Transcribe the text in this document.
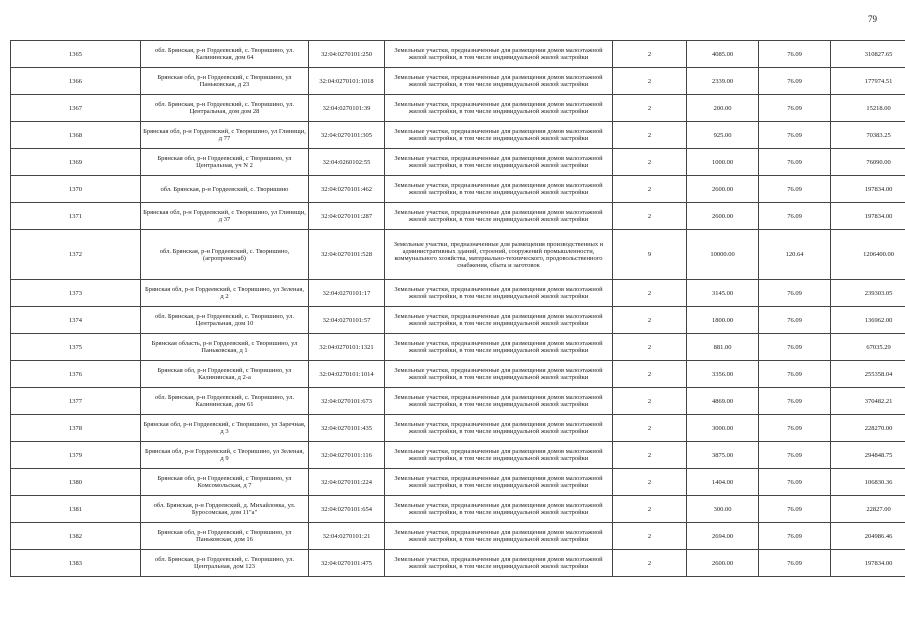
79
1365	обл. Брянская, р-н Гордеевский, с. Творишино, ул. Калининская, дом 64	32:04:0270101:250	Земельные участки, предназначенные для размещения домов малоэтажной жилой застройки, в том числе индивидуальной жилой застройки	2	4085.00	76.09	310827.65
1366	Брянская обл, р-н Гордеевский, с Творишино, ул Паньковская, д 23	32:04:0270101:1018	Земельные участки, предназначенные для размещения домов малоэтажной жилой застройки, в том числе индивидуальной жилой застройки	2	2339.00	76.09	177974.51
1367	обл. Брянская, р-н Гордеевский, с. Творишино, ул. Центральная, дом дом 28	32:04:0270101:39	Земельные участки, предназначенные для размещения домов малоэтажной жилой застройки, в том числе индивидуальной жилой застройки	2	200.00	76.09	15218.00
1368	Брянская обл, р-н Гордеевский, с Творишино, ул Глинищи, д 77	32:04:0270101:305	Земельные участки, предназначенные для размещения домов малоэтажной жилой застройки, в том числе индивидуальной жилой застройки	2	925.00	76.09	70383.25
1369	Брянская обл, р-н Гордеевский, с Творишино, ул Центральная, уч N 2	32:04:0260102:55	Земельные участки, предназначенные для размещения домов малоэтажной жилой застройки, в том числе индивидуальной жилой застройки	2	1000.00	76.09	76090.00
1370	обл. Брянская, р-н Гордеевский, с. Творишино	32:04:0270101:462	Земельные участки, предназначенные для размещения домов малоэтажной жилой застройки, в том числе индивидуальной жилой застройки	2	2600.00	76.09	197834.00
1371	Брянская обл, р-н Гордеевский, с Творишино, ул Глинищи, д 37	32:04:0270101:287	Земельные участки, предназначенные для размещения домов малоэтажной жилой застройки, в том числе индивидуальной жилой застройки	2	2600.00	76.09	197834.00
1372	обл. Брянская, р-н Гордеевский, с. Творишино, (агропромснаб)	32:04:0270101:528	Земельные участки, предназначенные для размещения производственных и административных зданий, строений, сооружений промышленности, коммунального хозяйства, материально-технического, продовольственного снабжения, сбыта и заготовок	9	10000.00	120.64	1206400.00
1373	Брянская обл, р-н Гордеевский, с Творишино, ул Зеленая, д 2	32:04:0270101:17	Земельные участки, предназначенные для размещения домов малоэтажной жилой застройки, в том числе индивидуальной жилой застройки	2	3145.00	76.09	239303.05
1374	обл. Брянская, р-н Гордеевский, с. Творишино, ул. Центральная, дом 10	32:04:0270101:57	Земельные участки, предназначенные для размещения домов малоэтажной жилой застройки, в том числе индивидуальной жилой застройки	2	1800.00	76.09	136962.00
1375	Брянская область, р-н Гордеевский, с Творишино, ул Паньковская, д 1	32:04:0270101:1321	Земельные участки, предназначенные для размещения домов малоэтажной жилой застройки, в том числе индивидуальной жилой застройки	2	881.00	76.09	67035.29
1376	Брянская обл, р-н Гордеевский, с Творишино, ул Калининская, д 2-а	32:04:0270101:1014	Земельные участки, предназначенные для размещения домов малоэтажной жилой застройки, в том числе индивидуальной жилой застройки	2	3356.00	76.09	255358.04
1377	обл. Брянская, р-н Гордеевский, с. Творишино, ул. Калининская, дом 61	32:04:0270101:673	Земельные участки, предназначенные для размещения домов малоэтажной жилой застройки, в том числе индивидуальной жилой застройки	2	4869.00	76.09	370482.21
1378	Брянская обл, р-н Гордеевский, с Творишино, ул Заречная, д 3	32:04:0270101:435	Земельные участки, предназначенные для размещения домов малоэтажной жилой застройки, в том числе индивидуальной жилой застройки	2	3000.00	76.09	228270.00
1379	Брянская обл, р-н Гордеевский, с Творишино, ул Зеленая, д 9	32:04:0270101:116	Земельные участки, предназначенные для размещения домов малоэтажной жилой застройки, в том числе индивидуальной жилой застройки	2	3875.00	76.09	294848.75
1380	Брянская обл, р-н Гордеевский, с Творишино, ул Комсомольская, д 7	32:04:0270101:224	Земельные участки, предназначенные для размещения домов малоэтажной жилой застройки, в том числе индивидуальной жилой застройки	2	1404.00	76.09	106830.36
1381	обл. Брянская, р-н Гордеевский, д. Михайловка, ул. Буросомская, дом 11"а"	32:04:0270101:654	Земельные участки, предназначенные для размещения домов малоэтажной жилой застройки, в том числе индивидуальной жилой застройки	2	300.00	76.09	22827.00
1382	Брянская обл, р-н Гордеевский, с Творишино, ул Паньковская, дом 16	32:04:0270101:21	Земельные участки, предназначенные для размещения домов малоэтажной жилой застройки, в том числе индивидуальной жилой застройки	2	2694.00	76.09	204986.46
1383	обл. Брянская, р-н Гордеевский, с. Творишино, ул. Центральная, дом 123	32:04:0270101:475	Земельные участки, предназначенные для размещения домов малоэтажной жилой застройки, в том числе индивидуальной жилой застройки	2	2600.00	76.09	197834.00
